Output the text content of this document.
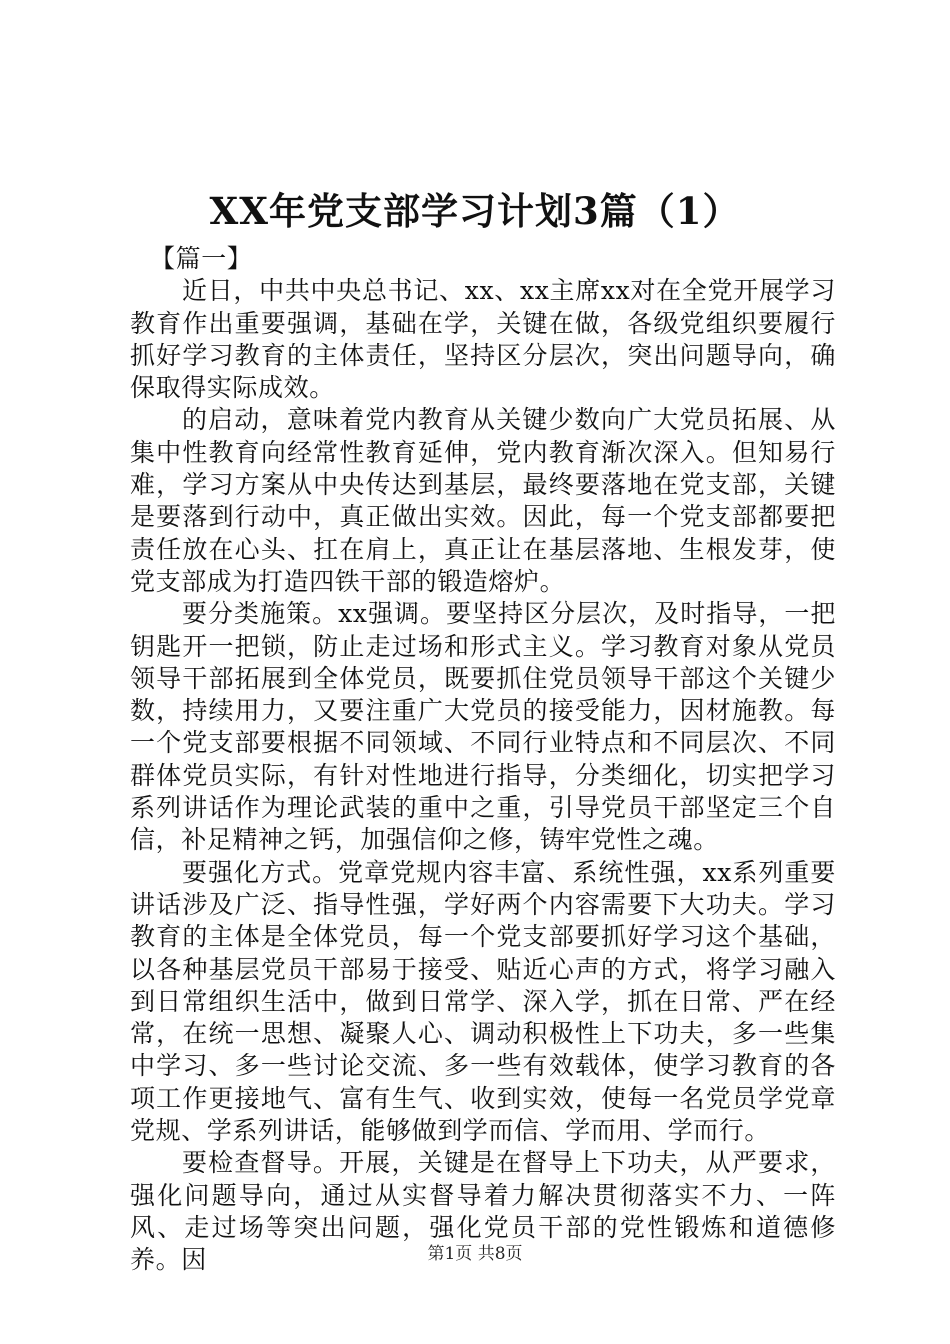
XX年党支部学习计划3篇（1）

【篇一】

近日，中共中央总书记、xx、xx主席xx对在全党开展学习教育作出重要强调，基础在学，关键在做，各级党组织要履行抓好学习教育的主体责任，坚持区分层次，突出问题导向，确保取得实际成效。

的启动，意味着党内教育从关键少数向广大党员拓展、从集中性教育向经常性教育延伸，党内教育渐次深入。但知易行难，学习方案从中央传达到基层，最终要落地在党支部，关键是要落到行动中，真正做出实效。因此，每一个党支部都要把责任放在心头、扛在肩上，真正让在基层落地、生根发芽，使党支部成为打造四铁干部的锻造熔炉。

要分类施策。xx强调。要坚持区分层次，及时指导，一把钥匙开一把锁，防止走过场和形式主义。学习教育对象从党员领导干部拓展到全体党员，既要抓住党员领导干部这个关键少数，持续用力，又要注重广大党员的接受能力，因材施教。每一个党支部要根据不同领域、不同行业特点和不同层次、不同群体党员实际，有针对性地进行指导，分类细化，切实把学习系列讲话作为理论武装的重中之重，引导党员干部坚定三个自信，补足精神之钙，加强信仰之修，铸牢党性之魂。

要强化方式。党章党规内容丰富、系统性强，xx系列重要讲话涉及广泛、指导性强，学好两个内容需要下大功夫。学习教育的主体是全体党员，每一个党支部要抓好学习这个基础，以各种基层党员干部易于接受、贴近心声的方式，将学习融入到日常组织生活中，做到日常学、深入学，抓在日常、严在经常，在统一思想、凝聚人心、调动积极性上下功夫，多一些集中学习、多一些讨论交流、多一些有效载体，使学习教育的各项工作更接地气、富有生气、收到实效，使每一名党员学党章党规、学系列讲话，能够做到学而信、学而用、学而行。

要检查督导。开展，关键是在督导上下功夫，从严要求，强化问题导向，通过从实督导着力解决贯彻落实不力、一阵风、走过场等突出问题，强化党员干部的党性锻炼和道德修养。因	第1页 共8页
